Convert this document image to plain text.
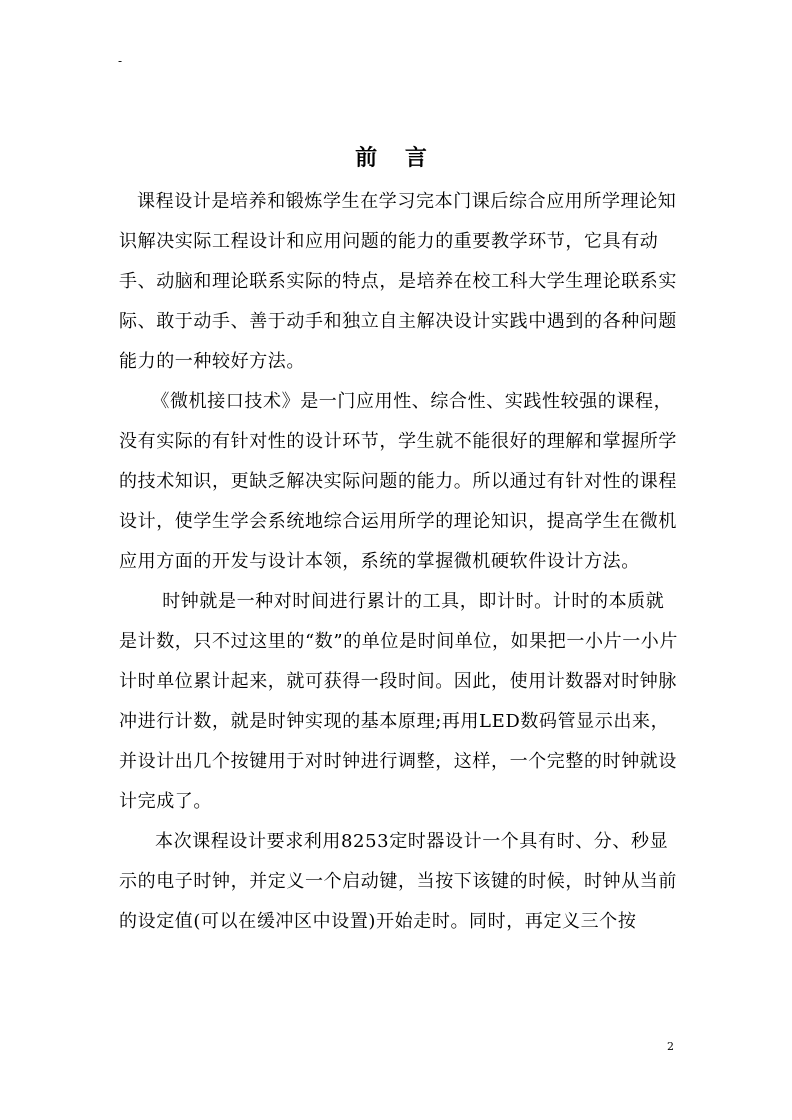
-
前 言

课程设计是培养和锻炼学生在学习完本门课后综合应用所学理论知识解决实际工程设计和应用问题的能力的重要教学环节，它具有动手、动脑和理论联系实际的特点，是培养在校工科大学生理论联系实际、敢于动手、善于动手和独立自主解决设计实践中遇到的各种问题能力的一种较好方法。

《微机接口技术》是一门应用性、综合性、实践性较强的课程，没有实际的有针对性的设计环节，学生就不能很好的理解和掌握所学的技术知识，更缺乏解决实际问题的能力。所以通过有针对性的课程设计，使学生学会系统地综合运用所学的理论知识，提高学生在微机应用方面的开发与设计本领，系统的掌握微机硬软件设计方法。

时钟就是一种对时间进行累计的工具，即计时。计时的本质就是计数，只不过这里的“数”的单位是时间单位，如果把一小片一小片计时单位累计起来，就可获得一段时间。因此，使用计数器对时钟脉冲进行计数，就是时钟实现的基本原理;再用LED数码管显示出来，并设计出几个按键用于对时钟进行调整，这样，一个完整的时钟就设计完成了。

本次课程设计要求利用8253定时器设计一个具有时、分、秒显示的电子时钟，并定义一个启动键，当按下该键的时候，时钟从当前的设定值(可以在缓冲区中设置)开始走时。同时，再定义三个按

2
